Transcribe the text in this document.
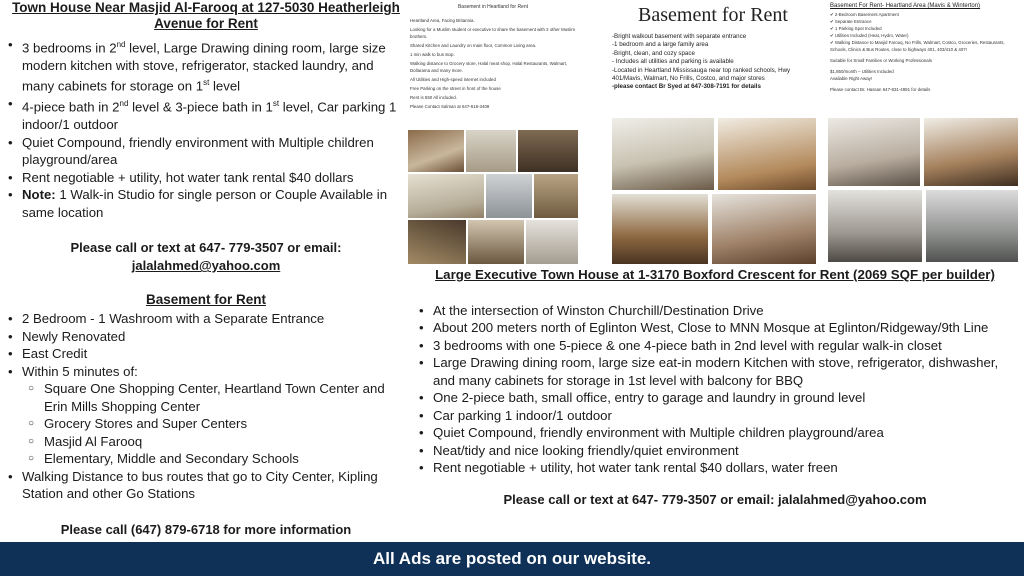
Town House Near Masjid Al-Farooq at 127-5030 Heatherleigh Avenue for Rent
• 3 bedrooms in 2nd level, Large Drawing dining room, large size modern kitchen with stove, refrigerator, stacked laundry, and many cabinets for storage on 1st level
• 4-piece bath in 2nd level & 3-piece bath in 1st level, Car parking 1 indoor/1 outdoor
• Quiet Compound, friendly environment with Multiple children playground/area
• Rent negotiable + utility, hot water tank rental $40 dollars
• Note: 1 Walk-in Studio for single person or Couple Available in same location
Please call or text at 647- 779-3507 or email:
jalalahmed@yahoo.com
Basement for Rent
• 2 Bedroom - 1 Washroom with a Separate Entrance
• Newly Renovated
• East Credit
• Within 5 minutes of:
○ Square One Shopping Center, Heartland Town Center and Erin Mills Shopping Center
○ Grocery Stores and Super Centers
○ Masjid Al Farooq
○ Elementary, Middle and Secondary Schools
• Walking Distance to bus routes that go to City Center, Kipling Station and other Go Stations
Please call (647) 879-6718 for more information
Basement in Heartland for Rent
Heartland Area, Facing Britannia.
Looking for a Muslim student or executive to share the basement with 2 other Muslim brothers.
Shared Kitchen and Laundry on main floor, Common Living area.
1 min walk to bus stop.
Walking distance to Grocery store, Halal meat shop, Halal Restaurants, Walmart, Dollarama and many more.
All Utilities and High-speed internet included
Free Parking on the street in front of the house
Rent is 550 All included.
Please Contact Salman at 647-618-3408
Basement for Rent
-Bright walkout basement with separate entrance
-1 bedroom and a large family area
-Bright, clean, and cozy space
- Includes all utilities and parking is available
-Located in Heartland Mississauga near top ranked schools, Hwy 401/Mavis, Walmart, No Frills, Costco, and major stores
-please contact Br Syed at 647-308-7191 for details
Basement For Rent- Heartland Area (Mavis & Winterton)
✔ 2-Bedroom Basement Apartment
✔ Separate Entrance
✔ 1 Parking Spot Included
✔ Utilities Included (Heat, Hydro, Water)
✔ Walking Distance to Masjid Farooq, No Frills, Walmart, Costco, Groceries, Restaurants, Schools, Clinics & Bus Routes, close to highways 401, 403/410 & 407!
Suitable for Small Families or Working Professionals
$1,850/month – Utilities Included
Available Right Away!
Please contact Br. Hassan 647-831-4991 for details
Large Executive Town House at 1-3170 Boxford Crescent for Rent (2069 SQF per builder)
• At the intersection of Winston Churchill/Destination Drive
• About 200 meters north of Eglinton West, Close to MNN Mosque at Eglinton/Ridgeway/9th Line
• 3 bedrooms with one 5-piece & one 4-piece bath in 2nd level with regular walk-in closet
• Large Drawing dining room, large size eat-in modern Kitchen with stove, refrigerator, dishwasher, and many cabinets for storage in 1st level with balcony for BBQ
• One 2-piece bath, small office, entry to garage and laundry in ground level
• Car parking 1 indoor/1 outdoor
• Quiet Compound, friendly environment with Multiple children playground/area
• Neat/tidy and nice looking friendly/quiet environment
• Rent negotiable + utility, hot water tank rental $40 dollars, water freen
Please call or text at 647- 779-3507 or email: jalalahmed@yahoo.com
All Ads are posted on our website.
